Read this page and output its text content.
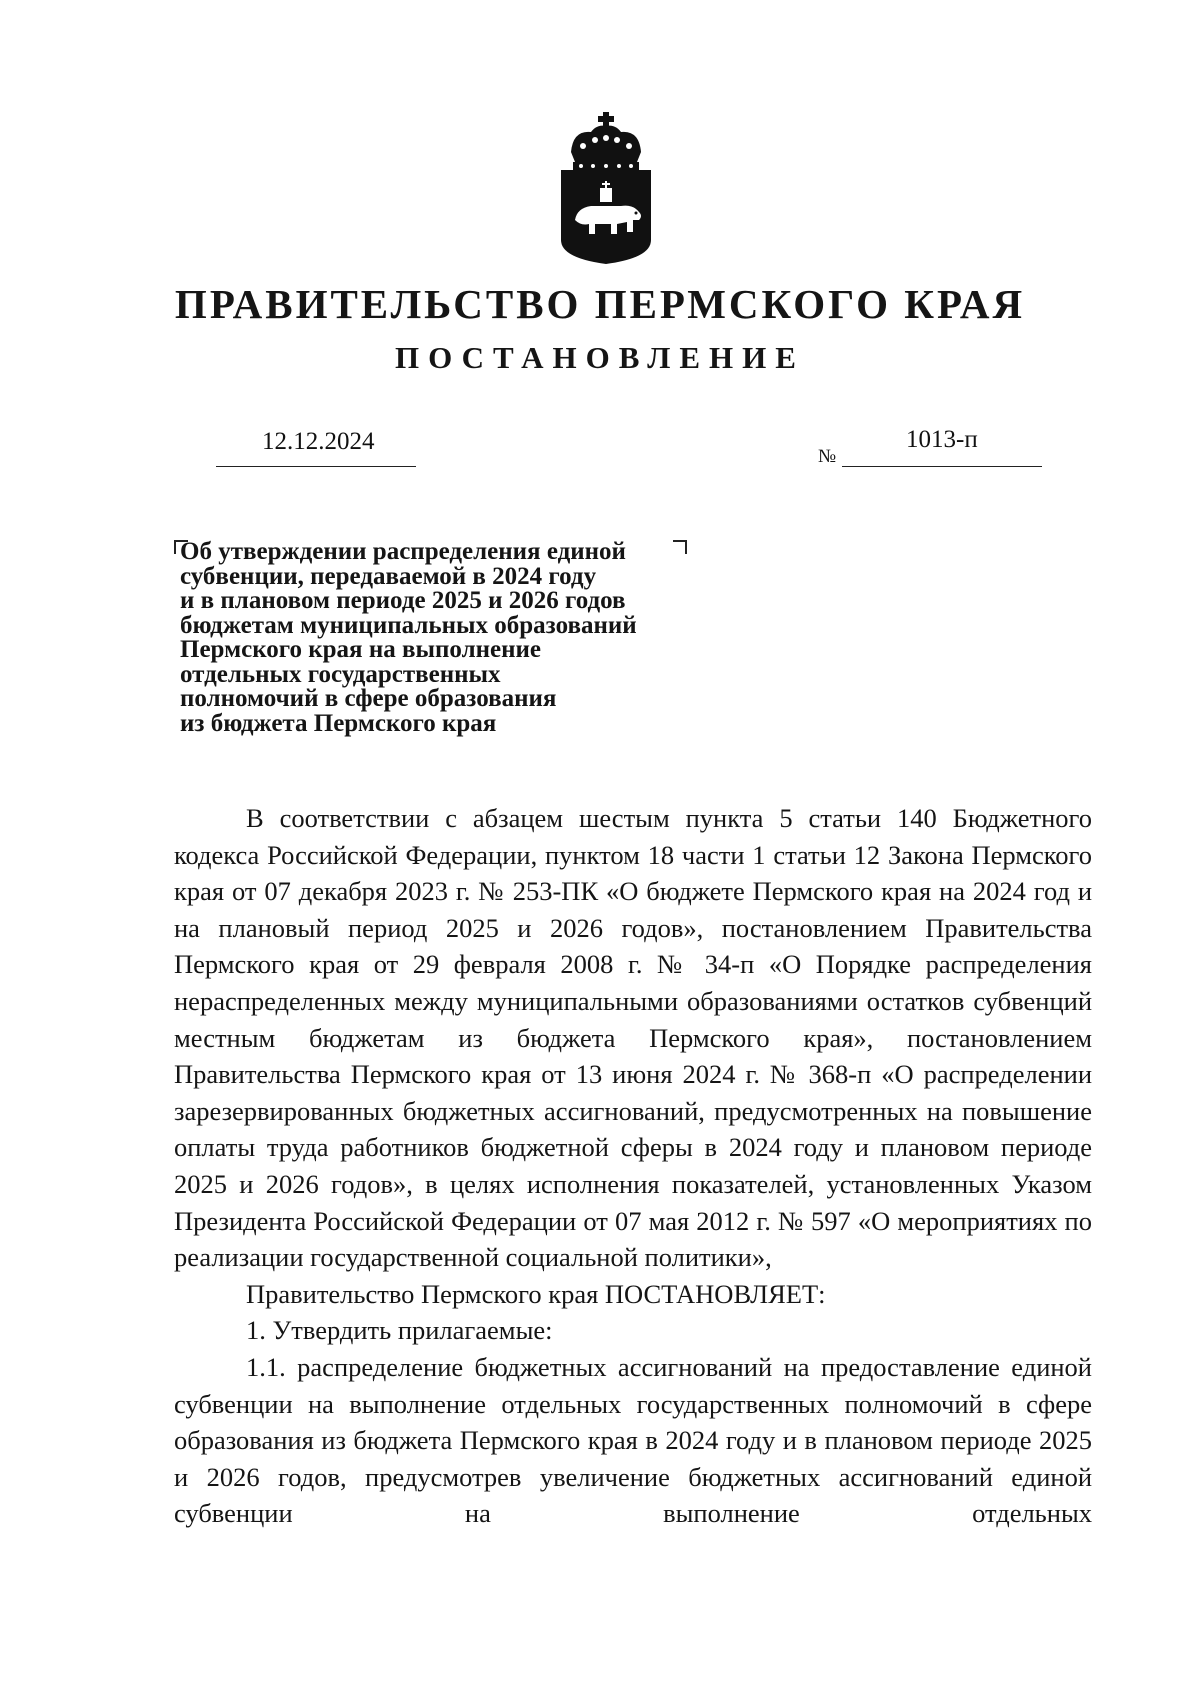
ПРАВИТЕЛЬСТВО ПЕРМСКОГО КРАЯ
ПОСТАНОВЛЕНИЕ
12.12.2024
№
1013-п
Об утверждении распределения единой
субвенции, передаваемой в 2024 году
и в плановом периоде 2025 и 2026 годов
бюджетам муниципальных образований
Пермского края на выполнение
отдельных государственных
полномочий в сфере образования
из бюджета Пермского края

В соответствии с абзацем шестым пункта 5 статьи 140 Бюджетного кодекса Российской Федерации, пунктом 18 части 1 статьи 12 Закона Пермского края от 07 декабря 2023 г. № 253-ПК «О бюджете Пермского края на 2024 год и на плановый период 2025 и 2026 годов», постановлением Правительства Пермского края от 29 февраля 2008 г. № 34-п «О Порядке распределения нераспределенных между муниципальными образованиями остатков субвенций местным бюджетам из бюджета Пермского края», постановлением Правительства Пермского края от 13 июня 2024 г. № 368-п «О распределении зарезервированных бюджетных ассигнований, предусмотренных на повышение оплаты труда работников бюджетной сферы в 2024 году и плановом периоде 2025 и 2026 годов», в целях исполнения показателей, установленных Указом Президента Российской Федерации от 07 мая 2012 г. № 597 «О мероприятиях по реализации государственной социальной политики»,

Правительство Пермского края ПОСТАНОВЛЯЕТ:

1. Утвердить прилагаемые:

1.1. распределение бюджетных ассигнований на предоставление единой субвенции на выполнение отдельных государственных полномочий в сфере образования из бюджета Пермского края в 2024 году и в плановом периоде 2025 и 2026 годов, предусмотрев увеличение бюджетных ассигнований единой субвенции на выполнение отдельных
